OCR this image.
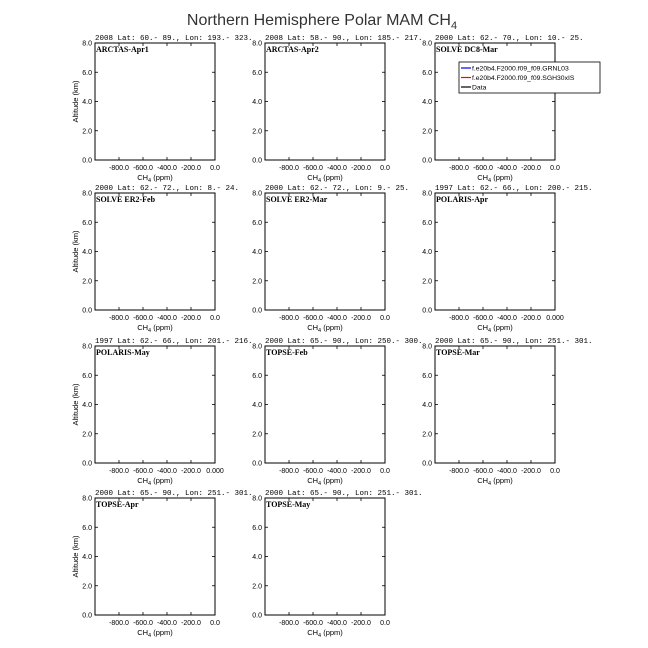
Northern Hemisphere Polar MAM $CH_4$
2008 Lat: 60.- 89., Lon: 193.- 323.
ARCTAS-Apr1
0.0
2.0
4.0
6.0
8.0
-800.0 -600.0 -400.0 -200.0 0.0
$CH_4$ (ppm)
Altitude (km)
2008 Lat: 58.- 90., Lon: 185.- 217.
ARCTAS-Apr2
0.0
2.0
4.0
6.0
8.0
-800.0 -600.0 -400.0 -200.0 0.0
$CH_4$ (ppm)
2000 Lat: 62.- 70., Lon: 10.- 25.
SOLVE DC8-Mar
0.0
2.0
4.0
6.0
8.0
-800.0 -600.0 -400.0 -200.0 0.0
$CH_4$ (ppm)
2000 Lat: 62.- 72., Lon: 8.- 24.
SOLVE ER2-Feb
0.0
2.0
4.0
6.0
8.0
-800.0 -600.0 -400.0 -200.0 0.0
$CH_4$ (ppm)
Altitude (km)
2000 Lat: 62.- 72., Lon: 9.- 25.
SOLVE ER2-Mar
0.0
2.0
4.0
6.0
8.0
-800.0 -600.0 -400.0 -200.0 0.0
$CH_4$ (ppm)
1997 Lat: 62.- 66., Lon: 200.- 215.
POLARIS-Apr
0.0
2.0
4.0
6.0
8.0
-800.0 -600.0 -400.0 -200.0 0.000
$CH_4$ (ppm)
1997 Lat: 62.- 66., Lon: 201.- 216.
POLARIS-May
0.0
2.0
4.0
6.0
8.0
-800.0 -600.0 -400.0 -200.0 0.000
$CH_4$ (ppm)
Altitude (km)
2000 Lat: 65.- 90., Lon: 250.- 300.
TOPSE-Feb
0.0
2.0
4.0
6.0
8.0
-800.0 -600.0 -400.0 -200.0 0.0
$CH_4$ (ppm)
2000 Lat: 65.- 90., Lon: 251.- 301.
TOPSE-Mar
0.0
2.0
4.0
6.0
8.0
-800.0 -600.0 -400.0 -200.0 0.0
$CH_4$ (ppm)
2000 Lat: 65.- 90., Lon: 251.- 301.
TOPSE-Apr
0.0
2.0
4.0
6.0
8.0
-800.0 -600.0 -400.0 -200.0 0.0
$CH_4$ (ppm)
Altitude (km)
2000 Lat: 65.- 90., Lon: 251.- 301.
TOPSE-May
0.0
2.0
4.0
6.0
8.0
-800.0 -600.0 -400.0 -200.0 0.0
$CH_4$ (ppm)
f.e20b4.F2000.f09_f09.GRNL03
f.e20b4.F2000.f09_f09.SGH30xIS
Data
